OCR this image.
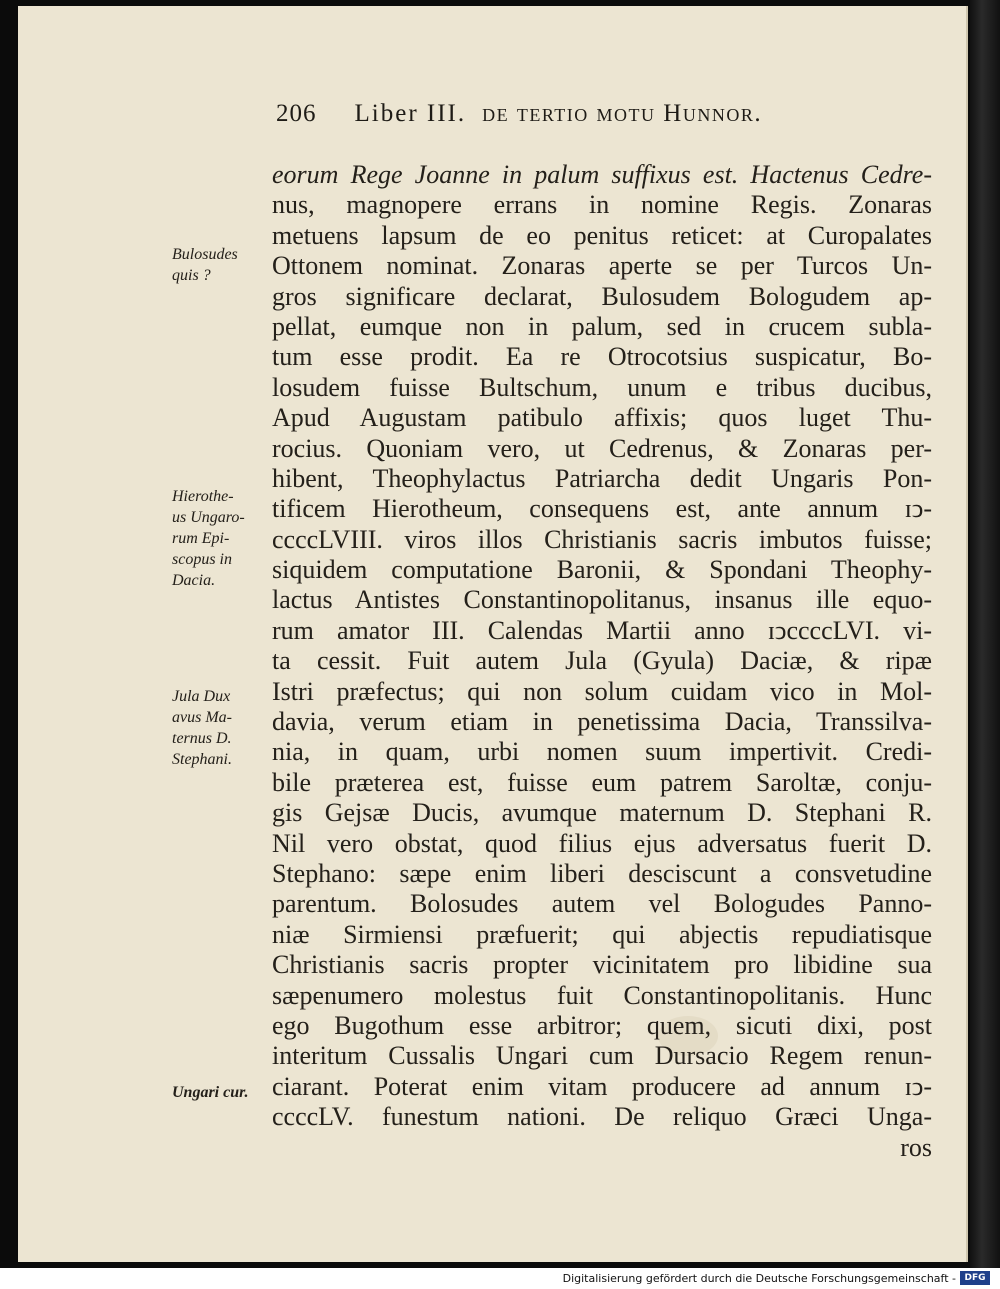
206 Liber III. de tertio motu Hunnor.
eorum Rege Joanne in palum suffixus est. Hactenus Cedre-
nus, magnopere errans in nomine Regis. Zonaras
metuens lapsum de eo penitus reticet: at Curopalates
Ottonem nominat. Zonaras aperte se per Turcos Un-
gros significare declarat, Bulosudem Bologudem ap-
pellat, eumque non in palum, sed in crucem subla-
tum esse prodit. Ea re Otrocotsius suspicatur, Bo-
losudem fuisse Bultschum, unum e tribus ducibus,
Apud Augustam patibulo affixis; quos luget Thu-
rocius. Quoniam vero, ut Cedrenus, & Zonaras per-
hibent, Theophylactus Patriarcha dedit Ungaris Pon-
tificem Hierotheum, consequens est, ante annum ɪↄ-
ccccLVIII. viros illos Christianis sacris imbutos fuisse;
siquidem computatione Baronii, & Spondani Theophy-
lactus Antistes Constantinopolitanus, insanus ille equo-
rum amator III. Calendas Martii anno ɪↄccccLVI. vi-
ta cessit. Fuit autem Jula (Gyula) Daciæ, & ripæ
Istri præfectus; qui non solum cuidam vico in Mol-
davia, verum etiam in penetissima Dacia, Transsilva-
nia, in quam, urbi nomen suum impertivit. Credi-
bile præterea est, fuisse eum patrem Saroltæ, conju-
gis Gejsæ Ducis, avumque maternum D. Stephani R.
Nil vero obstat, quod filius ejus adversatus fuerit D.
Stephano: sæpe enim liberi desciscunt a consvetudine
parentum. Bolosudes autem vel Bologudes Panno-
niæ Sirmiensi præfuerit; qui abjectis repudiatisque
Christianis sacris propter vicinitatem pro libidine sua
sæpenumero molestus fuit Constantinopolitanis. Hunc
ego Bugothum esse arbitror; quem, sicuti dixi, post
interitum Cussalis Ungari cum Dursacio Regem renun-
ciarant. Poterat enim vitam producere ad annum ɪↄ-
ccccLV. funestum nationi. De reliquo Græci Unga-
ros
Bulosudes
quis ?
Hierothe-
us Ungaro-
rum Epi-
scopus in
Dacia.
Jula Dux
avus Ma-
ternus D.
Stephani.
Ungari cur.
Digitalisierung gefördert durch die Deutsche Forschungsgemeinschaft - DFG
